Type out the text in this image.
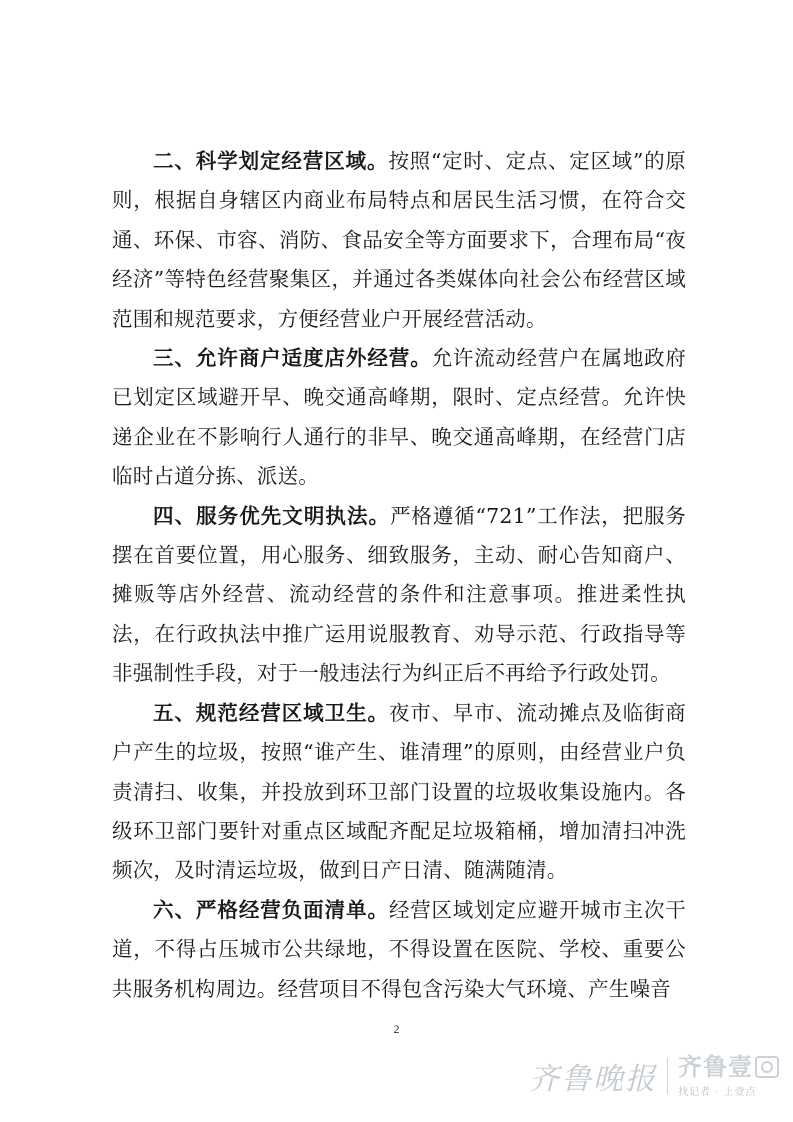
二、科学划定经营区域。按照“定时、定点、定区域”的原则，根据自身辖区内商业布局特点和居民生活习惯，在符合交通、环保、市容、消防、食品安全等方面要求下，合理布局“夜经济”等特色经营聚集区，并通过各类媒体向社会公布经营区域范围和规范要求，方便经营业户开展经营活动。

三、允许商户适度店外经营。允许流动经营户在属地政府已划定区域避开早、晚交通高峰期，限时、定点经营。允许快递企业在不影响行人通行的非早、晚交通高峰期，在经营门店临时占道分拣、派送。

四、服务优先文明执法。严格遵循“721”工作法，把服务摆在首要位置，用心服务、细致服务，主动、耐心告知商户、摊贩等店外经营、流动经营的条件和注意事项。推进柔性执法，在行政执法中推广运用说服教育、劝导示范、行政指导等非强制性手段，对于一般违法行为纠正后不再给予行政处罚。

五、规范经营区域卫生。夜市、早市、流动摊点及临街商户产生的垃圾，按照“谁产生、谁清理”的原则，由经营业户负责清扫、收集，并投放到环卫部门设置的垃圾收集设施内。各级环卫部门要针对重点区域配齐配足垃圾箱桶，增加清扫冲洗频次，及时清运垃圾，做到日产日清、随满随清。

六、严格经营负面清单。经营区域划定应避开城市主次干道，不得占压城市公共绿地，不得设置在医院、学校、重要公共服务机构周边。经营项目不得包含污染大气环境、产生噪音

2
齐鲁晚报 齐鲁壹
找记者 · 上壹点
